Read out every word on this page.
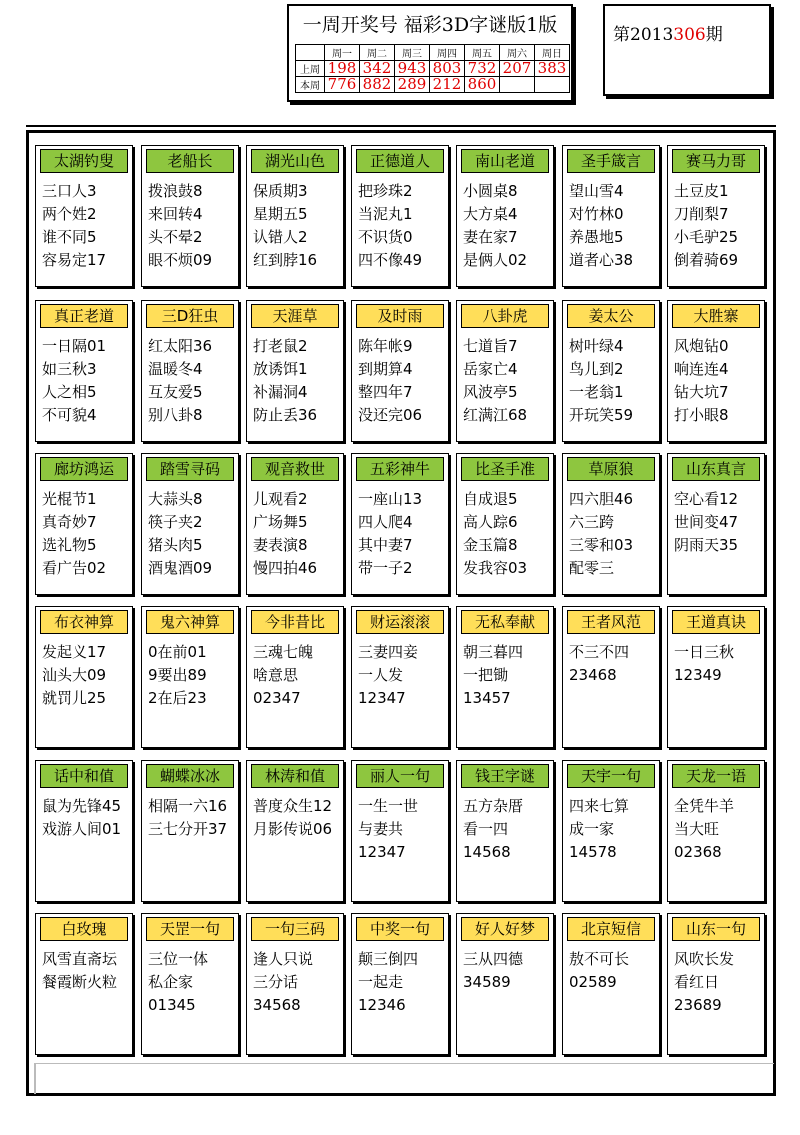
一周开奖号 福彩3D字谜版1版
	周一	周二	周三	周四	周五	周六	周日
上周	198	342	943	803	732	207	383
本周	776	882	289	212	860		
第2013306期
太湖钓叟
三口人3
两个姓2
谁不同5
容易定17
老船长
拨浪鼓8
来回转4
头不晕2
眼不烦09
湖光山色
保质期3
星期五5
认错人2
红到脖16
正德道人
把珍珠2
当泥丸1
不识货0
四不像49
南山老道
小圆桌8
大方桌4
妻在家7
是俩人02
圣手箴言
望山雪4
对竹林0
养愚地5
道者心38
赛马力哥
土豆皮1
刀削梨7
小毛驴25
倒着骑69
真正老道
一日隔01
如三秋3
人之相5
不可貌4
三D狂虫
红太阳36
温暖冬4
互友爱5
别八卦8
天涯草
打老鼠2
放诱饵1
补漏洞4
防止丢36
及时雨
陈年帐9
到期算4
整四年7
没还完06
八卦虎
七道旨7
岳家亡4
风波亭5
红满江68
姜太公
树叶绿4
鸟儿到2
一老翁1
开玩笑59
大胜寨
风炮钻0
响连连4
钻大坑7
打小眼8
廊坊鸿运
光棍节1
真奇妙7
选礼物5
看广告02
踏雪寻码
大蒜头8
筷子夹2
猪头肉5
酒鬼酒09
观音救世
儿观看2
广场舞5
妻表演8
慢四拍46
五彩神牛
一座山13
四人爬4
其中妻7
带一子2
比圣手准
自成退5
高人踪6
金玉篇8
发我容03
草原狼
四六胆46
六三跨
三零和03
配零三
山东真言
空心看12
世间变47
阴雨天35
布衣神算
发起义17
汕头大09
就罚儿25
鬼六神算
0在前01
9要出89
2在后23
今非昔比
三魂七魄
啥意思
02347
财运滚滚
三妻四妾
一人发
12347
无私奉献
朝三暮四
一把锄
13457
王者风范
不三不四
23468
王道真诀
一日三秋
12349
话中和值
鼠为先锋45
戏游人间01
蝴蝶冰冰
相隔一六16
三七分开37
林涛和值
普度众生12
月影传说06
丽人一句
一生一世
与妻共
12347
钱王字谜
五方杂厝
看一四
14568
天宇一句
四来七算
成一家
14578
天龙一语
全凭牛羊
当大旺
02368
白玫瑰
风雪直斋坛
餐霞断火粒
天罡一句
三位一体
私企家
01345
一句三码
逢人只说
三分话
34568
中奖一句
颠三倒四
一起走
12346
好人好梦
三从四德
34589
北京短信
敖不可长
02589
山东一句
风吹长发
看红日
23689
